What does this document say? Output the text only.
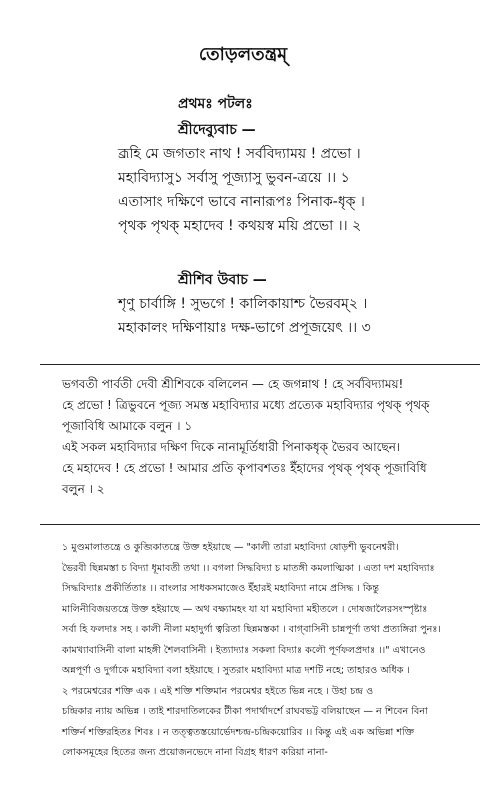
তোড়লতন্ত্রম্
প্রথমঃ পটলঃ
শ্রীদেব্যুবাচ —
ব্রূহি মে জগতাং নাথ ! সর্ববিদ্যাময় ! প্রভো ।
মহাবিদ্যাসু১ সর্বাসু পূজ্যাসু ভুবন-ত্রয়ে ।। ১
এতাসাং দক্ষিণে ভাবে নানারূপঃ পিনাক-ধৃক্ ।
পৃথক পৃথক্ মহাদেব ! কথয়স্ব ময়ি প্রভো ।। ২
শ্রীশিব উবাচ —
শৃণু চার্বাঙ্গি ! সুভগে ! কালিকায়াশ্চ ভৈরবম্২ ।
মহাকালং দক্ষিণায়াঃ দক্ষ-ভাগে প্রপূজয়েৎ ।। ৩

ভগবতী পার্বতী দেবী শ্রীশিবকে বলিলেন — হে জগন্নাথ ! হে সর্ববিদ্যাময়!

হে প্রভো ! ত্রিভুবনে পূজ্য সমস্ত মহাবিদ্যার মধ্যে প্রত্যেক মহাবিদ্যার পৃথক্ পৃথক্

পূজাবিধি আমাকে বলুন । ১

এই সকল মহাবিদ্যার দক্ষিণ দিকে নানামূর্তিধারী পিনাকধৃক্ ভৈরব আছেন।

হে মহাদেব ! হে প্রভো ! আমার প্রতি কৃপাবশতঃ ইঁহাদের পৃথক্ পৃথক্ পূজাবিধি

বলুন । ২

১ মুণ্ডমালাতন্ত্রে ও কুব্জিকাতন্ত্রে উক্ত হইয়াছে — "কালী তারা মহাবিদ্যা ষোড়শী ভুবনেশ্বরী।

ভৈরবী ছিন্নমস্তা চ বিদ্যা ধূমাবতী তথা ।। বগলা সিদ্ধবিদ্যা চ মাতঙ্গী কমলাত্মিকা । এতা দশ মহাবিদ্যাঃ

সিদ্ধবিদ্যাঃ প্রকীর্তিতাঃ ।। বাংলার সাধকসমাজেও ইঁহারই মহাবিদ্যা নামে প্রসিদ্ধ । কিন্তু

মালিনীবিজয়তন্ত্রে উক্ত হইয়াছে — অথ বক্ষ্যামহং যা যা মহাবিদ্যা মহীতলে । দোষজালৈরসংস্পৃষ্টাঃ

সর্বা হি ফলদাঃ সহ । কালী নীলা মহাদুর্গা ত্বরিতা ছিন্নমস্তকা । বাগ্‌বাসিনী চান্নপূর্ণা তথা প্রত্যঙ্গিরা পুনঃ।

কামখ্যাবাসিনী বালা মাহঙ্গী শৈলবাসিনী । ইত্যাদ্যাঃ সকলা বিদ্যাঃ কলৌ পূর্ণফলপ্রদাঃ ।।" এখানেও

অন্নপূর্ণা ও দুর্গাকে মহাবিদ্যা বলা হইয়াছে । সুতরাং মহাবিদ্যা মাত্র দশটি নহে; তাহারও অধিক ।

২ পরমেশ্বরের শক্তি এক । এই শক্তি শক্তিমান পরমেশ্বর হইতে ভিন্ন নহে । উহা চন্দ্র ও

চন্দ্রিকার ন্যায় অভিন্ন । তাই শারদাতিলকের টীকা পদার্থাদর্শে রাঘবভট্ট বলিয়াছেন — ন শিবেন বিনা

শক্তির্ন শক্তিরহিতঃ শিবঃ । ন তত্ত্বতস্তয়োর্ভেদশ্চন্দ্র-চন্দ্রিকয়োরিব ।। কিন্তু এই এক অভিন্না শক্তি

লোকসমূহের হিতের জন্য প্রয়োজনভেদে নানা বিগ্রহ ধারণ করিয়া নানা-
